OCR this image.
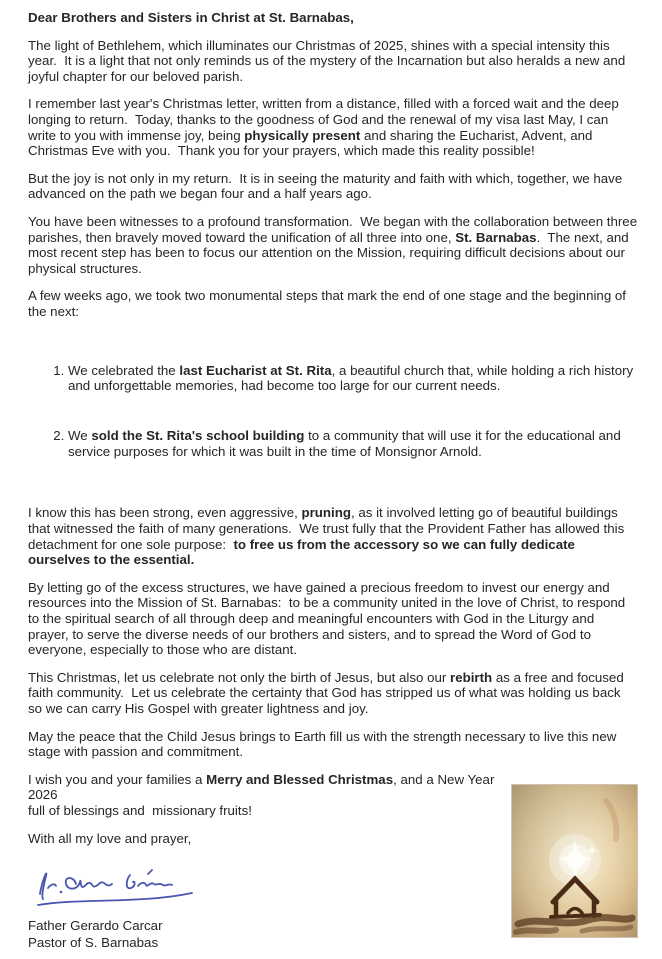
Dear Brothers and Sisters in Christ at St. Barnabas,

The light of Bethlehem, which illuminates our Christmas of 2025, shines with a special intensity this year.  It is a light that not only reminds us of the mystery of the Incarnation but also heralds a new and joyful chapter for our beloved parish.

I remember last year's Christmas letter, written from a distance, filled with a forced wait and the deep longing to return.  Today, thanks to the goodness of God and the renewal of my visa last May, I can write to you with immense joy, being physically present and sharing the Eucharist, Advent, and Christmas Eve with you.  Thank you for your prayers, which made this reality possible!

But the joy is not only in my return.  It is in seeing the maturity and faith with which, together, we have advanced on the path we began four and a half years ago.

You have been witnesses to a profound transformation.  We began with the collaboration between three parishes, then bravely moved toward the unification of all three into one, St. Barnabas.  The next, and most recent step has been to focus our attention on the Mission, requiring difficult decisions about our physical structures.

A few weeks ago, we took two monumental steps that mark the end of one stage and the beginning of the next:

1. We celebrated the last Eucharist at St. Rita, a beautiful church that, while holding a rich history and unforgettable memories, had become too large for our current needs.

2. We sold the St. Rita's school building to a community that will use it for the educational and service purposes for which it was built in the time of Monsignor Arnold.

I know this has been strong, even aggressive, pruning, as it involved letting go of beautiful buildings that witnessed the faith of many generations.  We trust fully that the Provident Father has allowed this detachment for one sole purpose:  to free us from the accessory so we can fully dedicate ourselves to the essential.

By letting go of the excess structures, we have gained a precious freedom to invest our energy and resources into the Mission of St. Barnabas:  to be a community united in the love of Christ, to respond to the spiritual search of all through deep and meaningful encounters with God in the Liturgy and prayer, to serve the diverse needs of our brothers and sisters, and to spread the Word of God to everyone, especially to those who are distant.

This Christmas, let us celebrate not only the birth of Jesus, but also our rebirth as a free and focused faith community.  Let us celebrate the certainty that God has stripped us of what was holding us back so we can carry His Gospel with greater lightness and joy.

May the peace that the Child Jesus brings to Earth fill us with the strength necessary to live this new stage with passion and commitment.

I wish you and your families a Merry and Blessed Christmas, and a New Year 2026
full of blessings and  missionary fruits!

With all my love and prayer,

Father Gerardo Carcar
Pastor of S. Barnabas
